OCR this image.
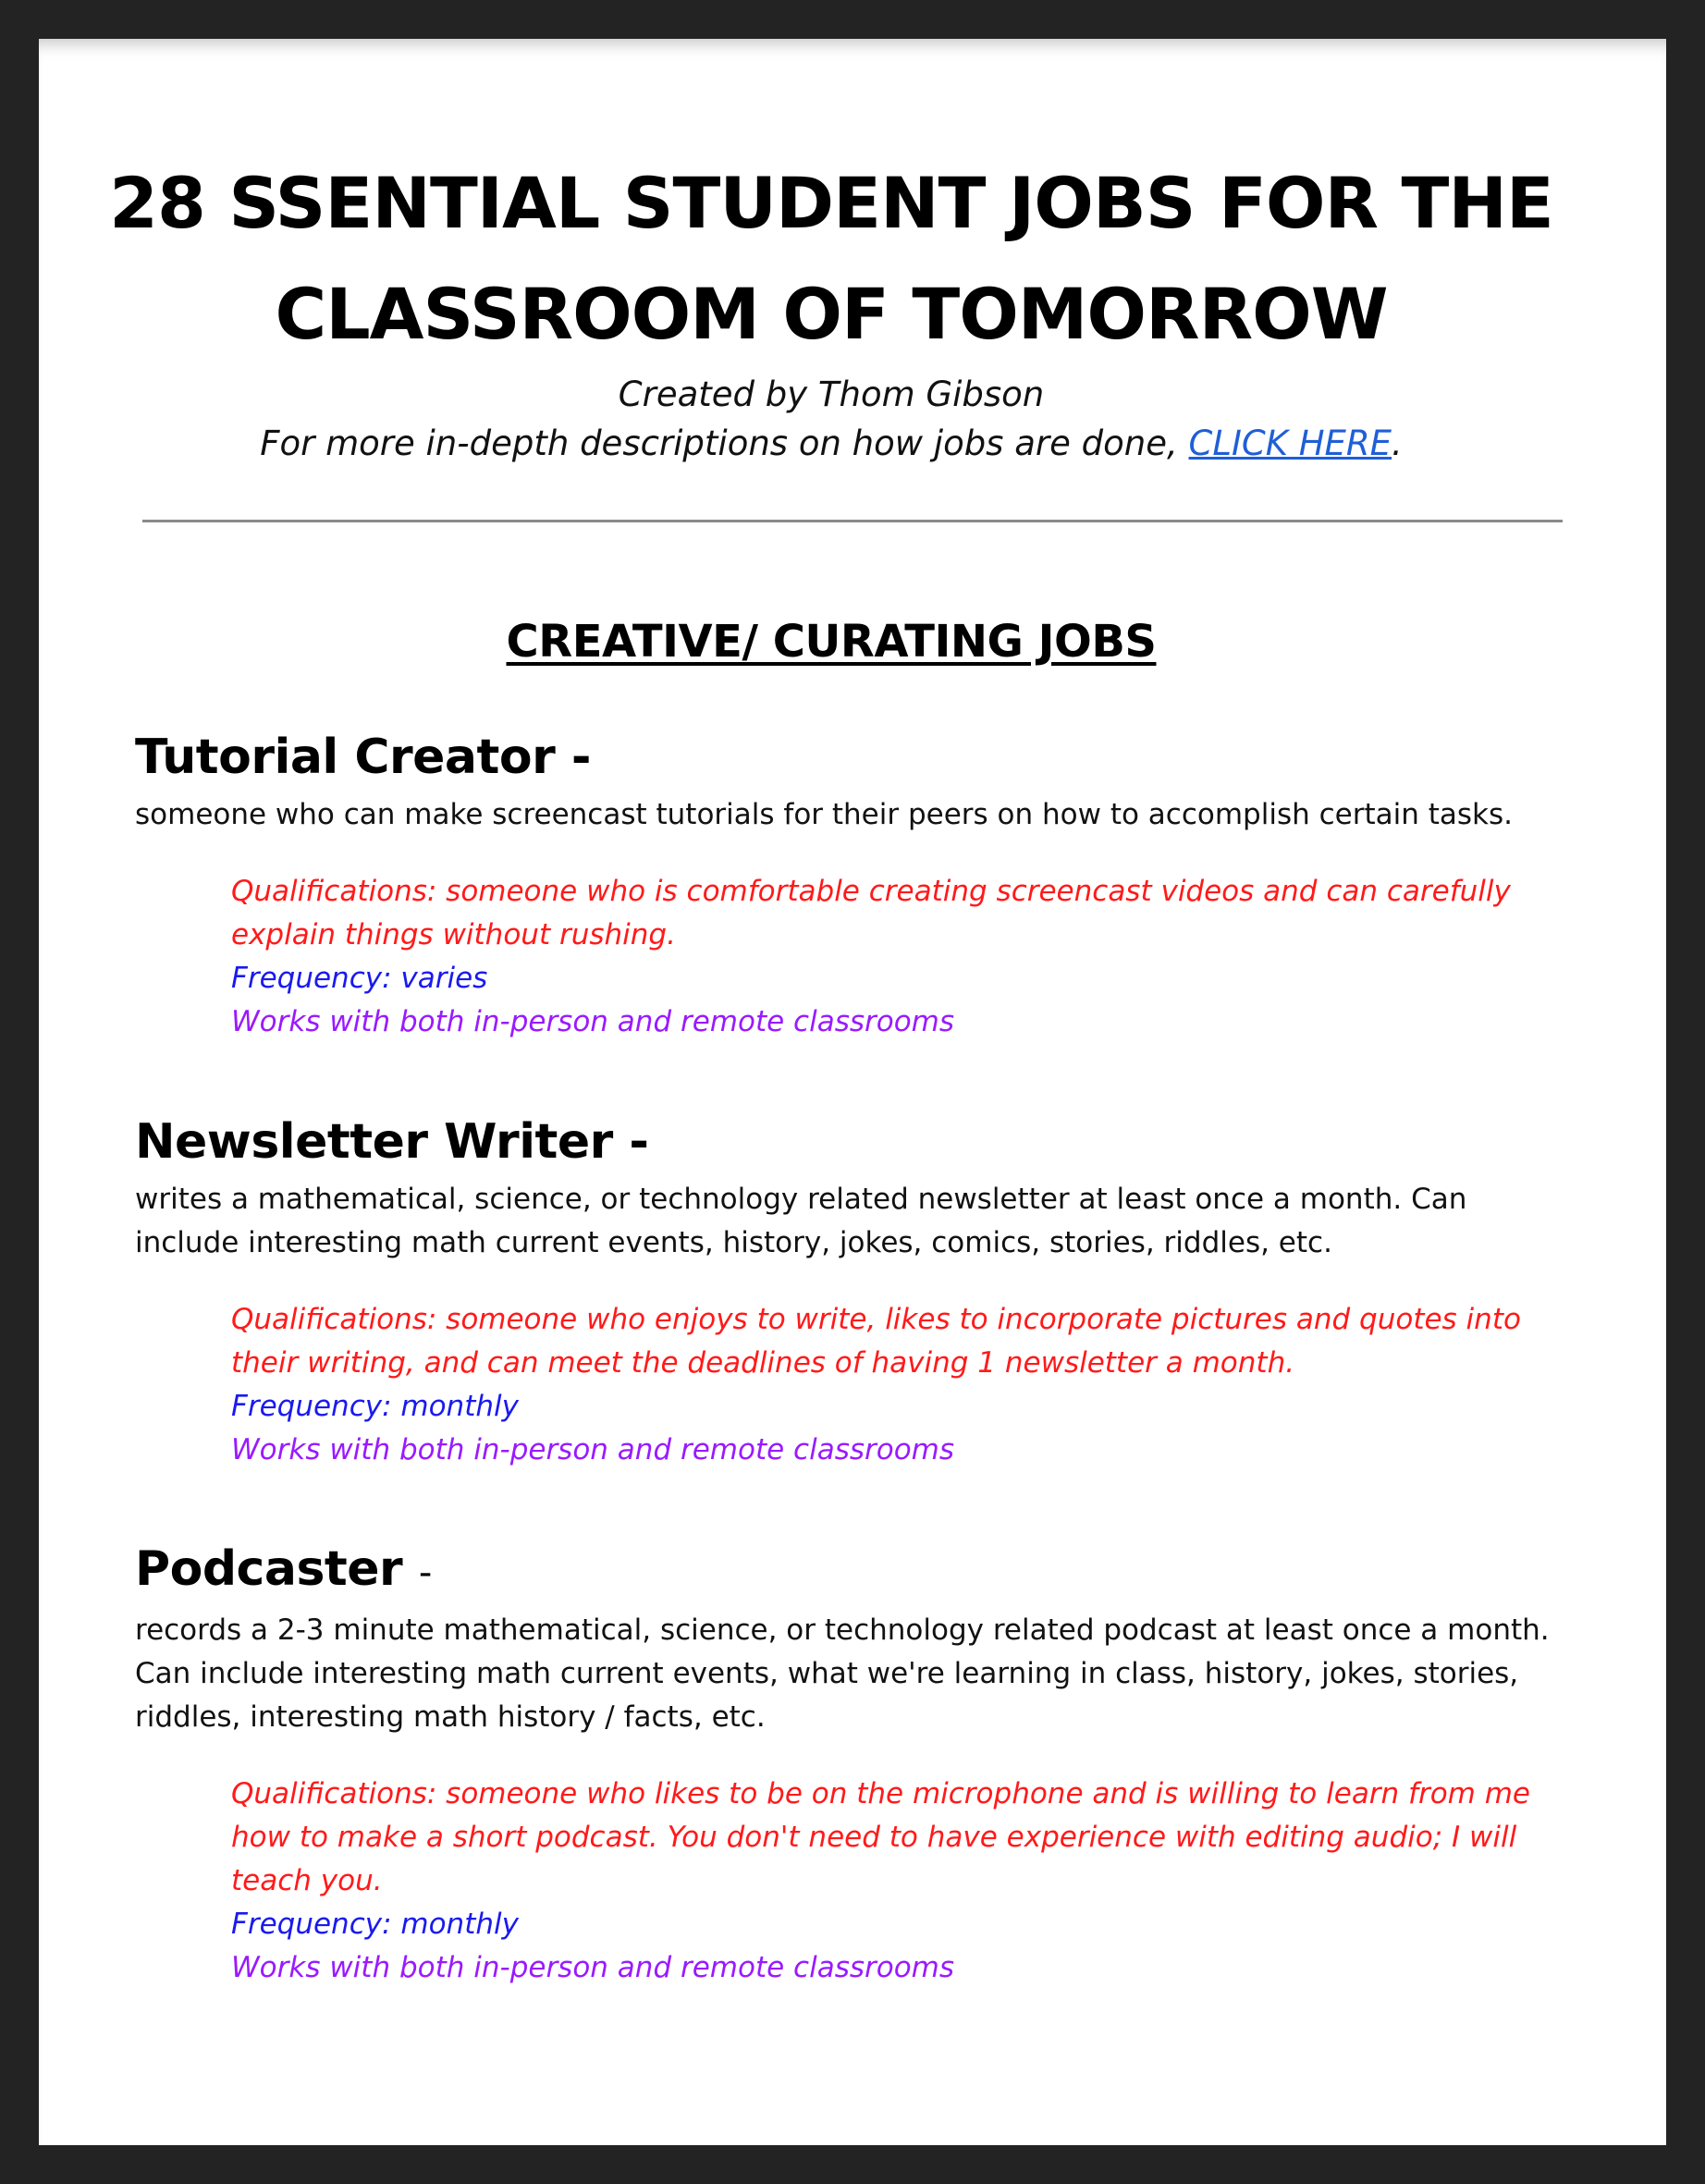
28 SSENTIAL STUDENT JOBS FOR THE
CLASSROOM OF TOMORROW
Created by Thom Gibson
For more in-depth descriptions on how jobs are done, CLICK HERE.
CREATIVE/ CURATING JOBS
Tutorial Creator -
someone who can make screencast tutorials for their peers on how to accomplish certain tasks.
Qualifications: someone who is comfortable creating screencast videos and can carefully explain things without rushing.
Frequency: varies
Works with both in-person and remote classrooms
Newsletter Writer -
writes a mathematical, science, or technology related newsletter at least once a month. Can include interesting math current events, history, jokes, comics, stories, riddles, etc.
Qualifications: someone who enjoys to write, likes to incorporate pictures and quotes into their writing, and can meet the deadlines of having 1 newsletter a month.
Frequency: monthly
Works with both in-person and remote classrooms
Podcaster -
records a 2-3 minute mathematical, science, or technology related podcast at least once a month. Can include interesting math current events, what we're learning in class, history, jokes, stories, riddles, interesting math history / facts, etc.
Qualifications: someone who likes to be on the microphone and is willing to learn from me how to make a short podcast. You don't need to have experience with editing audio; I will teach you.
Frequency: monthly
Works with both in-person and remote classrooms
